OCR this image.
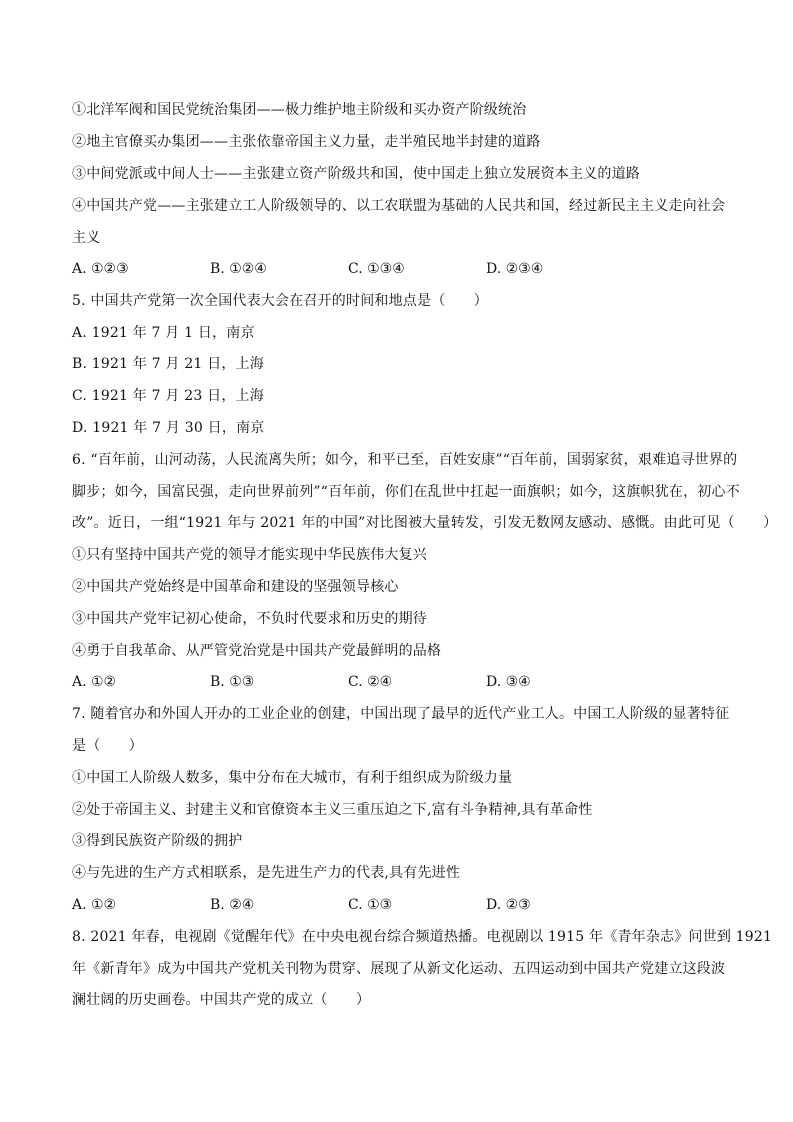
①北洋军阀和国民党统治集团——极力维护地主阶级和买办资产阶级统治
②地主官僚买办集团——主张依靠帝国主义力量，走半殖民地半封建的道路
③中间党派或中间人士——主张建立资产阶级共和国，使中国走上独立发展资本主义的道路
④中国共产党——主张建立工人阶级领导的、以工农联盟为基础的人民共和国，经过新民主主义走向社会
主义
A. ①②③	B. ①②④	C. ①③④	D. ②③④
5. 中国共产党第一次全国代表大会在召开的时间和地点是（　　）
A. 1921 年 7 月 1 日，南京
B. 1921 年 7 月 21 日，上海
C. 1921 年 7 月 23 日，上海
D. 1921 年 7 月 30 日，南京
6. “百年前，山河动荡，人民流离失所；如今，和平已至，百姓安康”“百年前，国弱家贫，艰难追寻世界的
脚步；如今，国富民强，走向世界前列”“百年前，你们在乱世中扛起一面旗帜；如今，这旗帜犹在，初心不
改”。近日，一组“1921 年与 2021 年的中国”对比图被大量转发，引发无数网友感动、感慨。由此可见（　　）
①只有坚持中国共产党的领导才能实现中华民族伟大复兴
②中国共产党始终是中国革命和建设的坚强领导核心
③中国共产党牢记初心使命，不负时代要求和历史的期待
④勇于自我革命、从严管党治党是中国共产党最鲜明的品格
A. ①②	B. ①③	C. ②④	D. ③④
7. 随着官办和外国人开办的工业企业的创建，中国出现了最早的近代产业工人。中国工人阶级的显著特征
是（　　）
①中国工人阶级人数多，集中分布在大城市，有利于组织成为阶级力量
②处于帝国主义、封建主义和官僚资本主义三重压迫之下,富有斗争精神,具有革命性
③得到民族资产阶级的拥护
④与先进的生产方式相联系，是先进生产力的代表,具有先进性
A. ①②	B. ②④	C. ①③	D. ②③
8. 2021 年春，电视剧《觉醒年代》在中央电视台综合频道热播。电视剧以 1915 年《青年杂志》问世到 1921
年《新青年》成为中国共产党机关刊物为贯穿、展现了从新文化运动、五四运动到中国共产党建立这段波
澜壮阔的历史画卷。中国共产党的成立（　　）
